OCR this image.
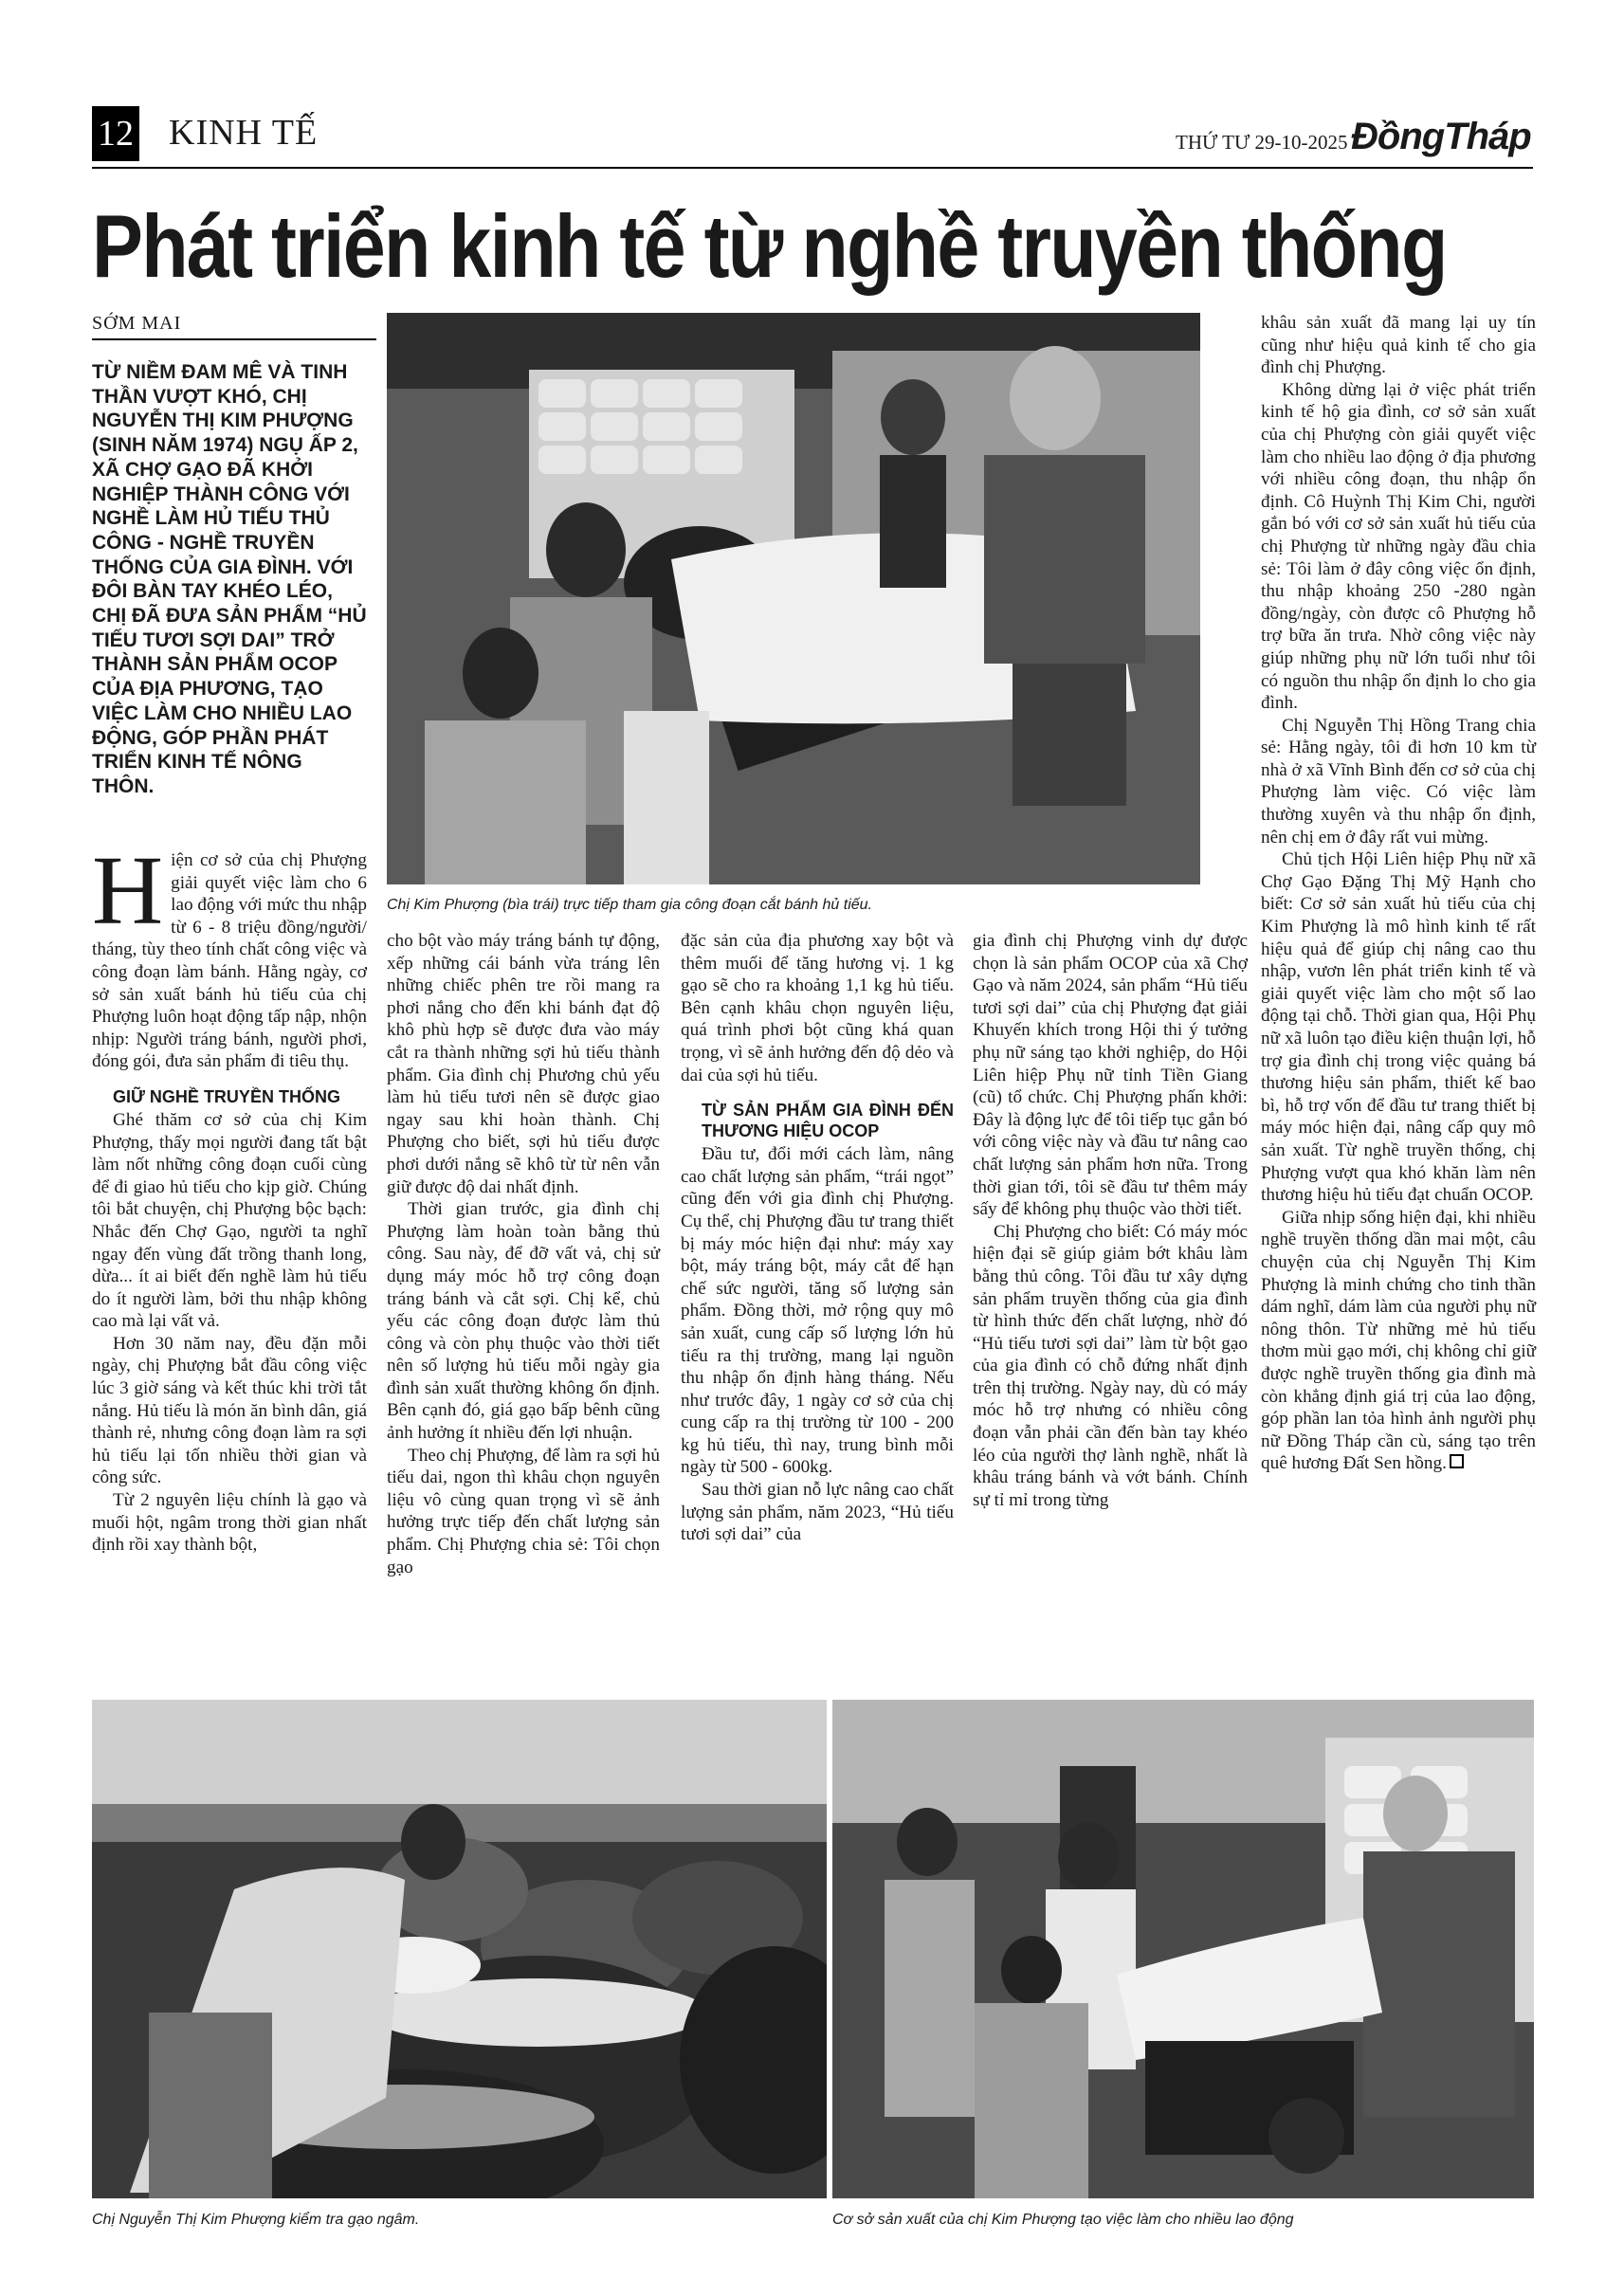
12 KINH TẾ	THỨ TƯ 29-10-2025 ĐồngTháp
Phát triển kinh tế từ nghề truyền thống
SỚM MAI
TỪ NIỀM ĐAM MÊ VÀ TINH THẦN VƯỢT KHÓ, CHỊ NGUYỄN THỊ KIM PHƯỢNG (SINH NĂM 1974) NGỤ ẤP 2, XÃ CHỢ GẠO ĐÃ KHỞI NGHIỆP THÀNH CÔNG VỚI NGHỀ LÀM HỦ TIẾU THỦ CÔNG - NGHỀ TRUYỀN THỐNG CỦA GIA ĐÌNH. VỚI ĐÔI BÀN TAY KHÉO LÉO, CHỊ ĐÃ ĐƯA SẢN PHẨM “HỦ TIẾU TƯƠI SỢI DAI” TRỞ THÀNH SẢN PHẨM OCOP CỦA ĐỊA PHƯƠNG, TẠO VIỆC LÀM CHO NHIỀU LAO ĐỘNG, GÓP PHẦN PHÁT TRIỂN KINH TẾ NÔNG THÔN.
Chị Kim Phượng (bìa trái) trực tiếp tham gia công đoạn cắt bánh hủ tiếu.

Hiện cơ sở của chị Phượng giải quyết việc làm cho 6 lao động với mức thu nhập từ 6 - 8 triệu đồng/người/ tháng, tùy theo tính chất công việc và công đoạn làm bánh. Hằng ngày, cơ sở sản xuất bánh hủ tiếu của chị Phượng luôn hoạt động tấp nập, nhộn nhịp: Người tráng bánh, người phơi, đóng gói, đưa sản phẩm đi tiêu thụ.

GIỮ NGHỀ TRUYỀN THỐNG

Ghé thăm cơ sở của chị Kim Phượng, thấy mọi người đang tất bật làm nốt những công đoạn cuối cùng để đi giao hủ tiếu cho kịp giờ. Chúng tôi bắt chuyện, chị Phượng bộc bạch: Nhắc đến Chợ Gạo, người ta nghĩ ngay đến vùng đất trồng thanh long, dừa... ít ai biết đến nghề làm hủ tiếu do ít người làm, bởi thu nhập không cao mà lại vất vả.

Hơn 30 năm nay, đều đặn mỗi ngày, chị Phượng bắt đầu công việc lúc 3 giờ sáng và kết thúc khi trời tắt nắng. Hủ tiếu là món ăn bình dân, giá thành rẻ, nhưng công đoạn làm ra sợi hủ tiếu lại tốn nhiều thời gian và công sức.

Từ 2 nguyên liệu chính là gạo và muối hột, ngâm trong thời gian nhất định rồi xay thành bột,

cho bột vào máy tráng bánh tự động, xếp những cái bánh vừa tráng lên những chiếc phên tre rồi mang ra phơi nắng cho đến khi bánh đạt độ khô phù hợp sẽ được đưa vào máy cắt ra thành những sợi hủ tiếu thành phẩm. Gia đình chị Phương chủ yếu làm hủ tiếu tươi nên sẽ được giao ngay sau khi hoàn thành. Chị Phượng cho biết, sợi hủ tiếu được phơi dưới nắng sẽ khô từ từ nên vẫn giữ được độ dai nhất định.

Thời gian trước, gia đình chị Phượng làm hoàn toàn bằng thủ công. Sau này, để đỡ vất vả, chị sử dụng máy móc hỗ trợ công đoạn tráng bánh và cắt sợi. Chị kể, chủ yếu các công đoạn được làm thủ công và còn phụ thuộc vào thời tiết nên số lượng hủ tiếu mỗi ngày gia đình sản xuất thường không ổn định. Bên cạnh đó, giá gạo bấp bênh cũng ảnh hưởng ít nhiều đến lợi nhuận.

Theo chị Phượng, để làm ra sợi hủ tiếu dai, ngon thì khâu chọn nguyên liệu vô cùng quan trọng vì sẽ ảnh hưởng trực tiếp đến chất lượng sản phẩm. Chị Phượng chia sẻ: Tôi chọn gạo

đặc sản của địa phương xay bột và thêm muối để tăng hương vị. 1 kg gạo sẽ cho ra khoảng 1,1 kg hủ tiếu. Bên cạnh khâu chọn nguyên liệu, quá trình phơi bột cũng khá quan trọng, vì sẽ ảnh hưởng đến độ dẻo và dai của sợi hủ tiếu.

TỪ SẢN PHẨM GIA ĐÌNH ĐẾN THƯƠNG HIỆU OCOP

Đầu tư, đổi mới cách làm, nâng cao chất lượng sản phẩm, “trái ngọt” cũng đến với gia đình chị Phượng. Cụ thể, chị Phượng đầu tư trang thiết bị máy móc hiện đại như: máy xay bột, máy tráng bột, máy cắt để hạn chế sức người, tăng số lượng sản phẩm. Đồng thời, mở rộng quy mô sản xuất, cung cấp số lượng lớn hủ tiếu ra thị trường, mang lại nguồn thu nhập ổn định hàng tháng. Nếu như trước đây, 1 ngày cơ sở của chị cung cấp ra thị trường từ 100 - 200 kg hủ tiếu, thì nay, trung bình mỗi ngày từ 500 - 600kg.

Sau thời gian nỗ lực nâng cao chất lượng sản phẩm, năm 2023, “Hủ tiếu tươi sợi dai” của

gia đình chị Phượng vinh dự được chọn là sản phẩm OCOP của xã Chợ Gạo và năm 2024, sản phẩm “Hủ tiếu tươi sợi dai” của chị Phượng đạt giải Khuyến khích trong Hội thi ý tưởng phụ nữ sáng tạo khởi nghiệp, do Hội Liên hiệp Phụ nữ tỉnh Tiền Giang (cũ) tổ chức. Chị Phượng phấn khởi: Đây là động lực để tôi tiếp tục gắn bó với công việc này và đầu tư nâng cao chất lượng sản phẩm hơn nữa. Trong thời gian tới, tôi sẽ đầu tư thêm máy sấy để không phụ thuộc vào thời tiết.

Chị Phượng cho biết: Có máy móc hiện đại sẽ giúp giảm bớt khâu làm bằng thủ công. Tôi đầu tư xây dựng sản phẩm truyền thống của gia đình từ hình thức đến chất lượng, nhờ đó “Hủ tiếu tươi sợi dai” làm từ bột gạo của gia đình có chỗ đứng nhất định trên thị trường. Ngày nay, dù có máy móc hỗ trợ nhưng có nhiều công đoạn vẫn phải cần đến bàn tay khéo léo của người thợ lành nghề, nhất là khâu tráng bánh và vớt bánh. Chính sự tỉ mỉ trong từng

khâu sản xuất đã mang lại uy tín cũng như hiệu quả kinh tế cho gia đình chị Phượng.

Không dừng lại ở việc phát triển kinh tế hộ gia đình, cơ sở sản xuất của chị Phượng còn giải quyết việc làm cho nhiều lao động ở địa phương với nhiều công đoạn, thu nhập ổn định. Cô Huỳnh Thị Kim Chi, người gắn bó với cơ sở sản xuất hủ tiếu của chị Phượng từ những ngày đầu chia sẻ: Tôi làm ở đây công việc ổn định, thu nhập khoảng 250 -280 ngàn đồng/ngày, còn được cô Phượng hỗ trợ bữa ăn trưa. Nhờ công việc này giúp những phụ nữ lớn tuổi như tôi có nguồn thu nhập ổn định lo cho gia đình.

Chị Nguyễn Thị Hồng Trang chia sẻ: Hằng ngày, tôi đi hơn 10 km từ nhà ở xã Vĩnh Bình đến cơ sở của chị Phượng làm việc. Có việc làm thường xuyên và thu nhập ổn định, nên chị em ở đây rất vui mừng.

Chủ tịch Hội Liên hiệp Phụ nữ xã Chợ Gạo Đặng Thị Mỹ Hạnh cho biết: Cơ sở sản xuất hủ tiếu của chị Kim Phượng là mô hình kinh tế rất hiệu quả để giúp chị nâng cao thu nhập, vươn lên phát triển kinh tế và giải quyết việc làm cho một số lao động tại chỗ. Thời gian qua, Hội Phụ nữ xã luôn tạo điều kiện thuận lợi, hỗ trợ gia đình chị trong việc quảng bá thương hiệu sản phẩm, thiết kế bao bì, hỗ trợ vốn để đầu tư trang thiết bị máy móc hiện đại, nâng cấp quy mô sản xuất. Từ nghề truyền thống, chị Phượng vượt qua khó khăn làm nên thương hiệu hủ tiếu đạt chuẩn OCOP.

Giữa nhịp sống hiện đại, khi nhiều nghề truyền thống dần mai một, câu chuyện của chị Nguyễn Thị Kim Phượng là minh chứng cho tinh thần dám nghĩ, dám làm của người phụ nữ nông thôn. Từ những mẻ hủ tiếu thơm mùi gạo mới, chị không chỉ giữ được nghề truyền thống gia đình mà còn khẳng định giá trị của lao động, góp phần lan tỏa hình ảnh người phụ nữ Đồng Tháp cần cù, sáng tạo trên quê hương Đất Sen hồng.

Chị Nguyễn Thị Kim Phượng kiểm tra gạo ngâm.	Cơ sở sản xuất của chị Kim Phượng tạo việc làm cho nhiều lao động
